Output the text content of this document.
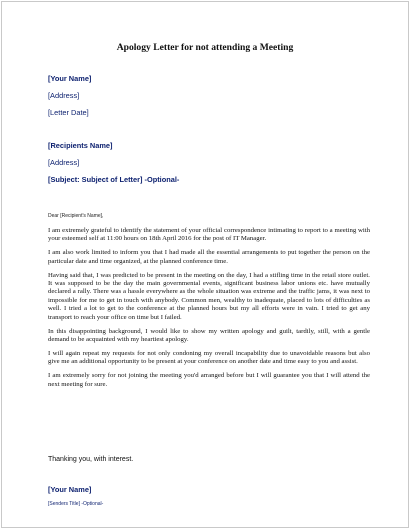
Apology Letter for not attending a Meeting
[Your Name]
[Address]
[Letter Date]
[Recipients Name]
[Address]
[Subject: Subject of Letter] -Optional-
Dear [Recipient's Name],

I am extremely grateful to identify the statement of your official correspondence intimating to report to a meeting with your esteemed self at 11:00 hours on 18th April 2016 for the post of IT Manager.

I am also work limited to inform you that I had made all the essential arrangements to put together the person on the particular date and time organized, at the planned conference time.

Having said that, I was predicted to be present in the meeting on the day, I had a stifling time in the retail store outlet. It was supposed to be the day the main governmental events, significant business labor unions etc. have mutually declared a rally. There was a hassle everywhere as the whole situation was extreme and the traffic jams, it was next to impossible for me to get in touch with anybody. Common men, wealthy to inadequate, placed to lots of difficulties as well. I tried a lot to get to the conference at the planned hours but my all efforts were in vain. I tried to get any transport to reach your office on time but I failed.

In this disappointing background, I would like to show my written apology and guilt, tardily, still, with a gentle demand to be acquainted with my heartiest apology.

I will again repeat my requests for not only condoning my overall incapability due to unavoidable reasons but also give me an additional opportunity to be present at your conference on another date and time easy to you and assist.

I am extremely sorry for not joining the meeting you'd arranged before but I will guarantee you that I will attend the next meeting for sure.

Thanking you, with interest.
[Your Name]
[Senders Title] -Optional-
